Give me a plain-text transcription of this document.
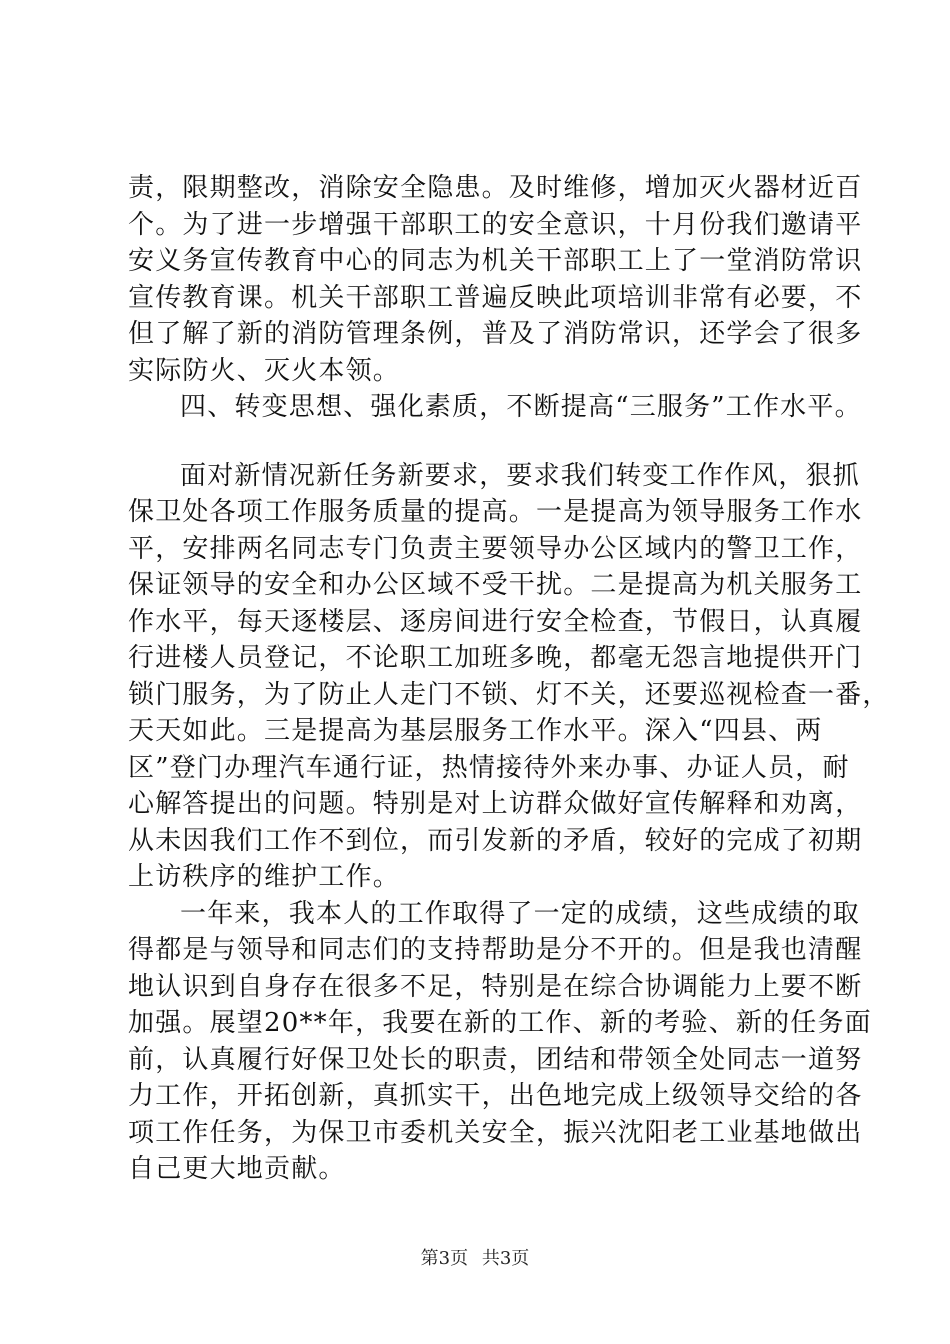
责，限期整改，消除安全隐患。及时维修，增加灭火器材近百
个。为了进一步增强干部职工的安全意识，十月份我们邀请平
安义务宣传教育中心的同志为机关干部职工上了一堂消防常识
宣传教育课。机关干部职工普遍反映此项培训非常有必要，不
但了解了新的消防管理条例，普及了消防常识，还学会了很多
实际防火、灭火本领。
四、转变思想、强化素质，不断提高“三服务”工作水平。
面对新情况新任务新要求，要求我们转变工作作风，狠抓
保卫处各项工作服务质量的提高。一是提高为领导服务工作水
平，安排两名同志专门负责主要领导办公区域内的警卫工作，
保证领导的安全和办公区域不受干扰。二是提高为机关服务工
作水平，每天逐楼层、逐房间进行安全检查，节假日，认真履
行进楼人员登记，不论职工加班多晚，都毫无怨言地提供开门
锁门服务，为了防止人走门不锁、灯不关，还要巡视检查一番，
天天如此。三是提高为基层服务工作水平。深入“四县、两
区”登门办理汽车通行证，热情接待外来办事、办证人员，耐
心解答提出的问题。特别是对上访群众做好宣传解释和劝离，
从未因我们工作不到位，而引发新的矛盾，较好的完成了初期
上访秩序的维护工作。
一年来，我本人的工作取得了一定的成绩，这些成绩的取
得都是与领导和同志们的支持帮助是分不开的。但是我也清醒
地认识到自身存在很多不足，特别是在综合协调能力上要不断
加强。展望20**年，我要在新的工作、新的考验、新的任务面
前，认真履行好保卫处长的职责，团结和带领全处同志一道努
力工作，开拓创新，真抓实干，出色地完成上级领导交给的各
项工作任务，为保卫市委机关安全，振兴沈阳老工业基地做出
自己更大地贡献。
第3页 共3页
